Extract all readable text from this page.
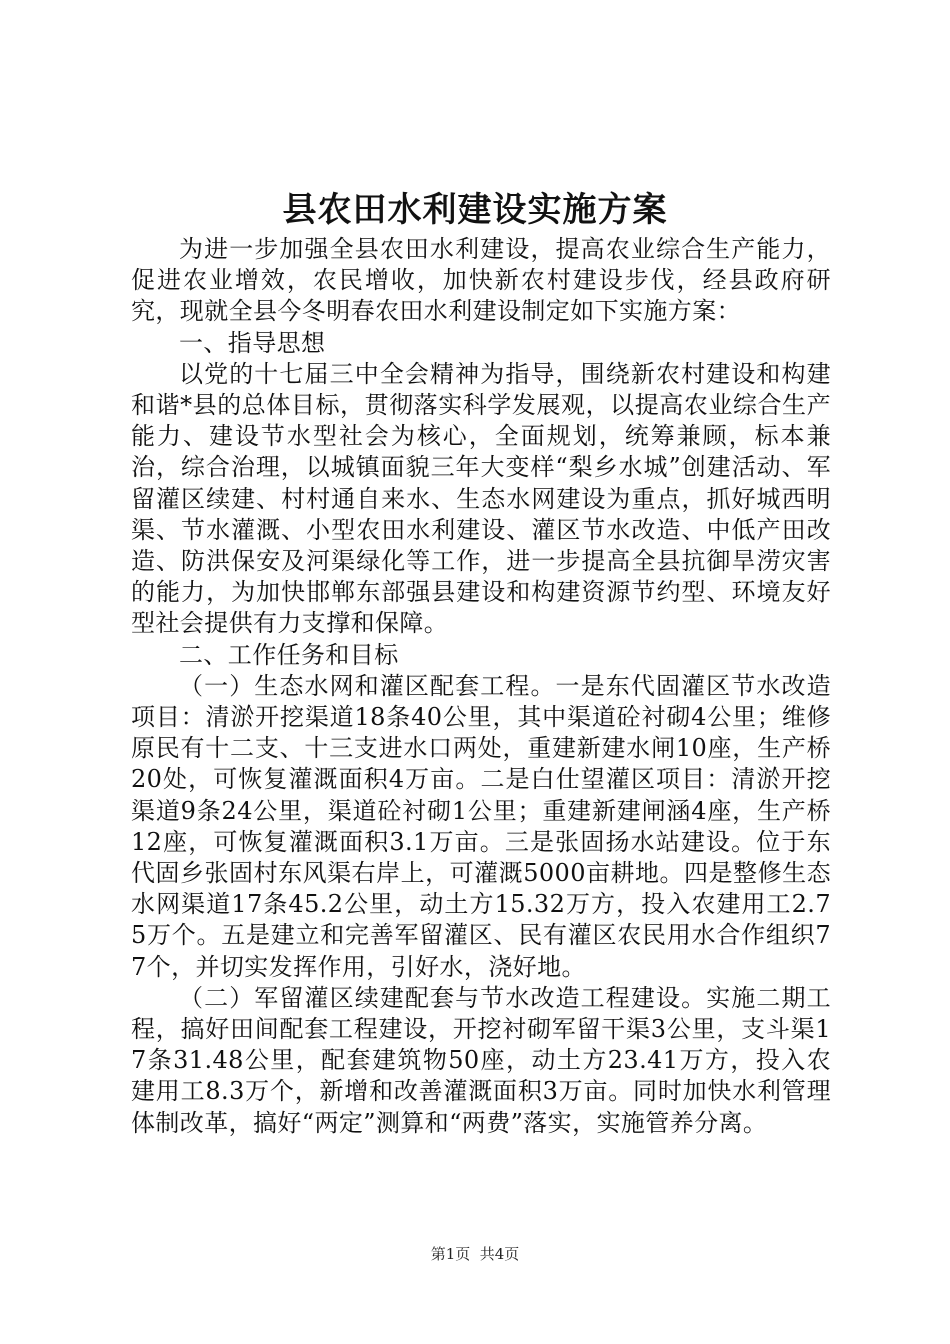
县农田水利建设实施方案

为进一步加强全县农田水利建设，提高农业综合生产能力，促进农业增效，农民增收，加快新农村建设步伐，经县政府研究，现就全县今冬明春农田水利建设制定如下实施方案：

一、指导思想

以党的十七届三中全会精神为指导，围绕新农村建设和构建和谐*县的总体目标，贯彻落实科学发展观，以提高农业综合生产能力、建设节水型社会为核心，全面规划，统筹兼顾，标本兼治，综合治理，以城镇面貌三年大变样“梨乡水城”创建活动、军留灌区续建、村村通自来水、生态水网建设为重点，抓好城西明渠、节水灌溉、小型农田水利建设、灌区节水改造、中低产田改造、防洪保安及河渠绿化等工作，进一步提高全县抗御旱涝灾害的能力，为加快邯郸东部强县建设和构建资源节约型、环境友好型社会提供有力支撑和保障。

二、工作任务和目标

（一）生态水网和灌区配套工程。一是东代固灌区节水改造项目：清淤开挖渠道18条40公里，其中渠道砼衬砌4公里；维修原民有十二支、十三支进水口两处，重建新建水闸10座，生产桥20处，可恢复灌溉面积4万亩。二是白仕望灌区项目：清淤开挖渠道9条24公里，渠道砼衬砌1公里；重建新建闸涵4座，生产桥12座，可恢复灌溉面积3.1万亩。三是张固扬水站建设。位于东代固乡张固村东风渠右岸上，可灌溉5000亩耕地。四是整修生态水网渠道17条45.2公里，动土方15.32万方，投入农建用工2.75万个。五是建立和完善军留灌区、民有灌区农民用水合作组织77个，并切实发挥作用，引好水，浇好地。

（二）军留灌区续建配套与节水改造工程建设。实施二期工程，搞好田间配套工程建设，开挖衬砌军留干渠3公里，支斗渠17条31.48公里，配套建筑物50座，动土方23.41万方，投入农建用工8.3万个，新增和改善灌溉面积3万亩。同时加快水利管理体制改革，搞好“两定”测算和“两费”落实，实施管养分离。

第1页  共4页
